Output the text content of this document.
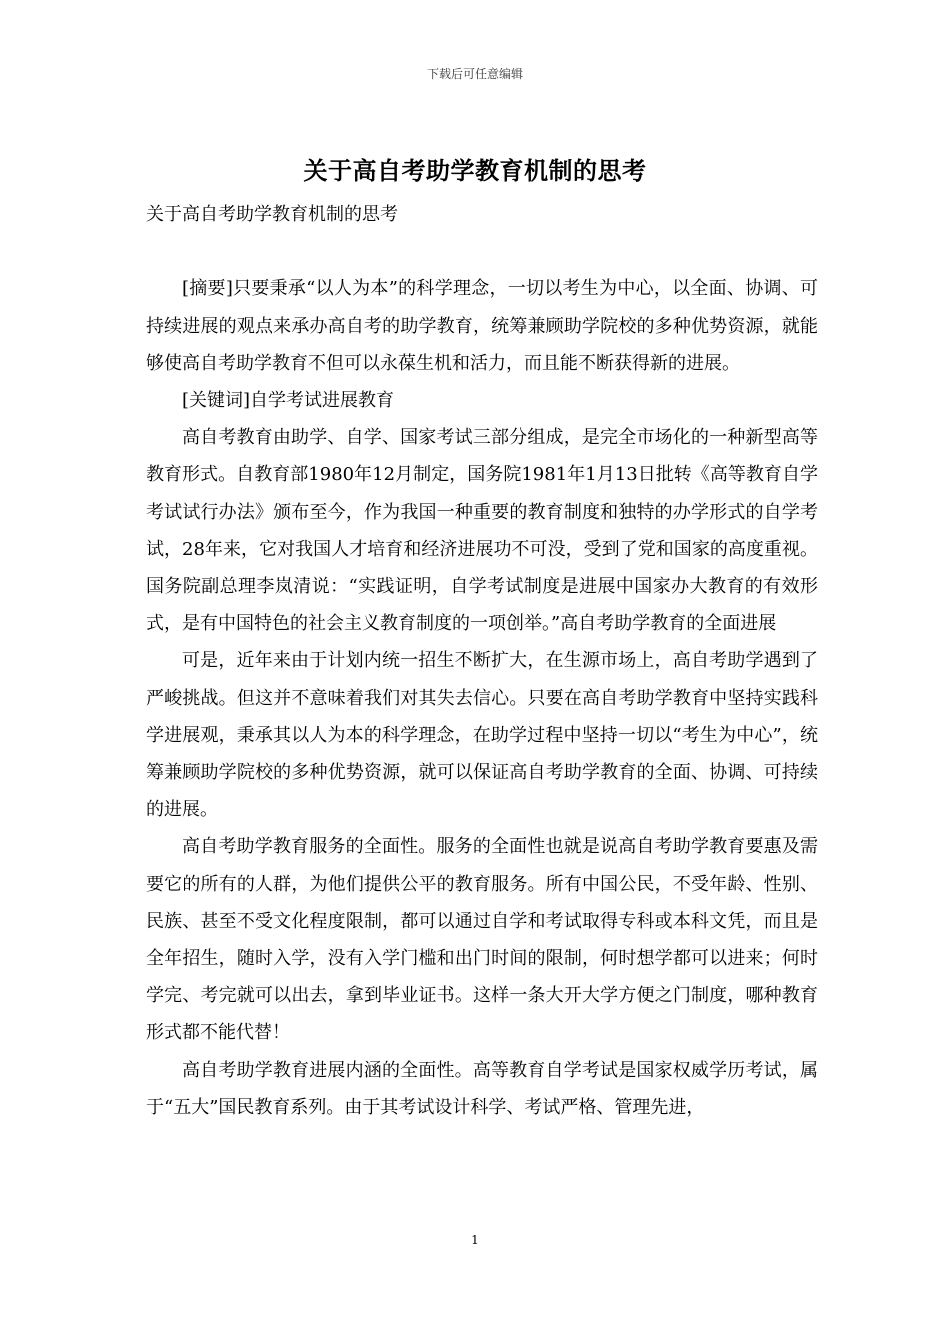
下载后可任意编辑
关于高自考助学教育机制的思考

关于高自考助学教育机制的思考

[摘要]只要秉承“以人为本”的科学理念，一切以考生为中心，以全面、协调、可持续进展的观点来承办高自考的助学教育，统筹兼顾助学院校的多种优势资源，就能够使高自考助学教育不但可以永葆生机和活力，而且能不断获得新的进展。

[关键词]自学考试进展教育

高自考教育由助学、自学、国家考试三部分组成，是完全市场化的一种新型高等教育形式。自教育部1980年12月制定，国务院1981年1月13日批转《高等教育自学考试试行办法》颁布至今，作为我国一种重要的教育制度和独特的办学形式的自学考试，28年来，它对我国人才培育和经济进展功不可没，受到了党和国家的高度重视。国务院副总理李岚清说：“实践证明，自学考试制度是进展中国家办大教育的有效形式，是有中国特色的社会主义教育制度的一项创举。”高自考助学教育的全面进展

可是，近年来由于计划内统一招生不断扩大，在生源市场上，高自考助学遇到了严峻挑战。但这并不意味着我们对其失去信心。只要在高自考助学教育中坚持实践科学进展观，秉承其以人为本的科学理念，在助学过程中坚持一切以“考生为中心”，统筹兼顾助学院校的多种优势资源，就可以保证高自考助学教育的全面、协调、可持续的进展。

高自考助学教育服务的全面性。服务的全面性也就是说高自考助学教育要惠及需要它的所有的人群，为他们提供公平的教育服务。所有中国公民，不受年龄、性别、民族、甚至不受文化程度限制，都可以通过自学和考试取得专科或本科文凭，而且是全年招生，随时入学，没有入学门槛和出门时间的限制，何时想学都可以进来；何时学完、考完就可以出去，拿到毕业证书。这样一条大开大学方便之门制度，哪种教育形式都不能代替！

高自考助学教育进展内涵的全面性。高等教育自学考试是国家权威学历考试，属于“五大”国民教育系列。由于其考试设计科学、考试严格、管理先进，

1
